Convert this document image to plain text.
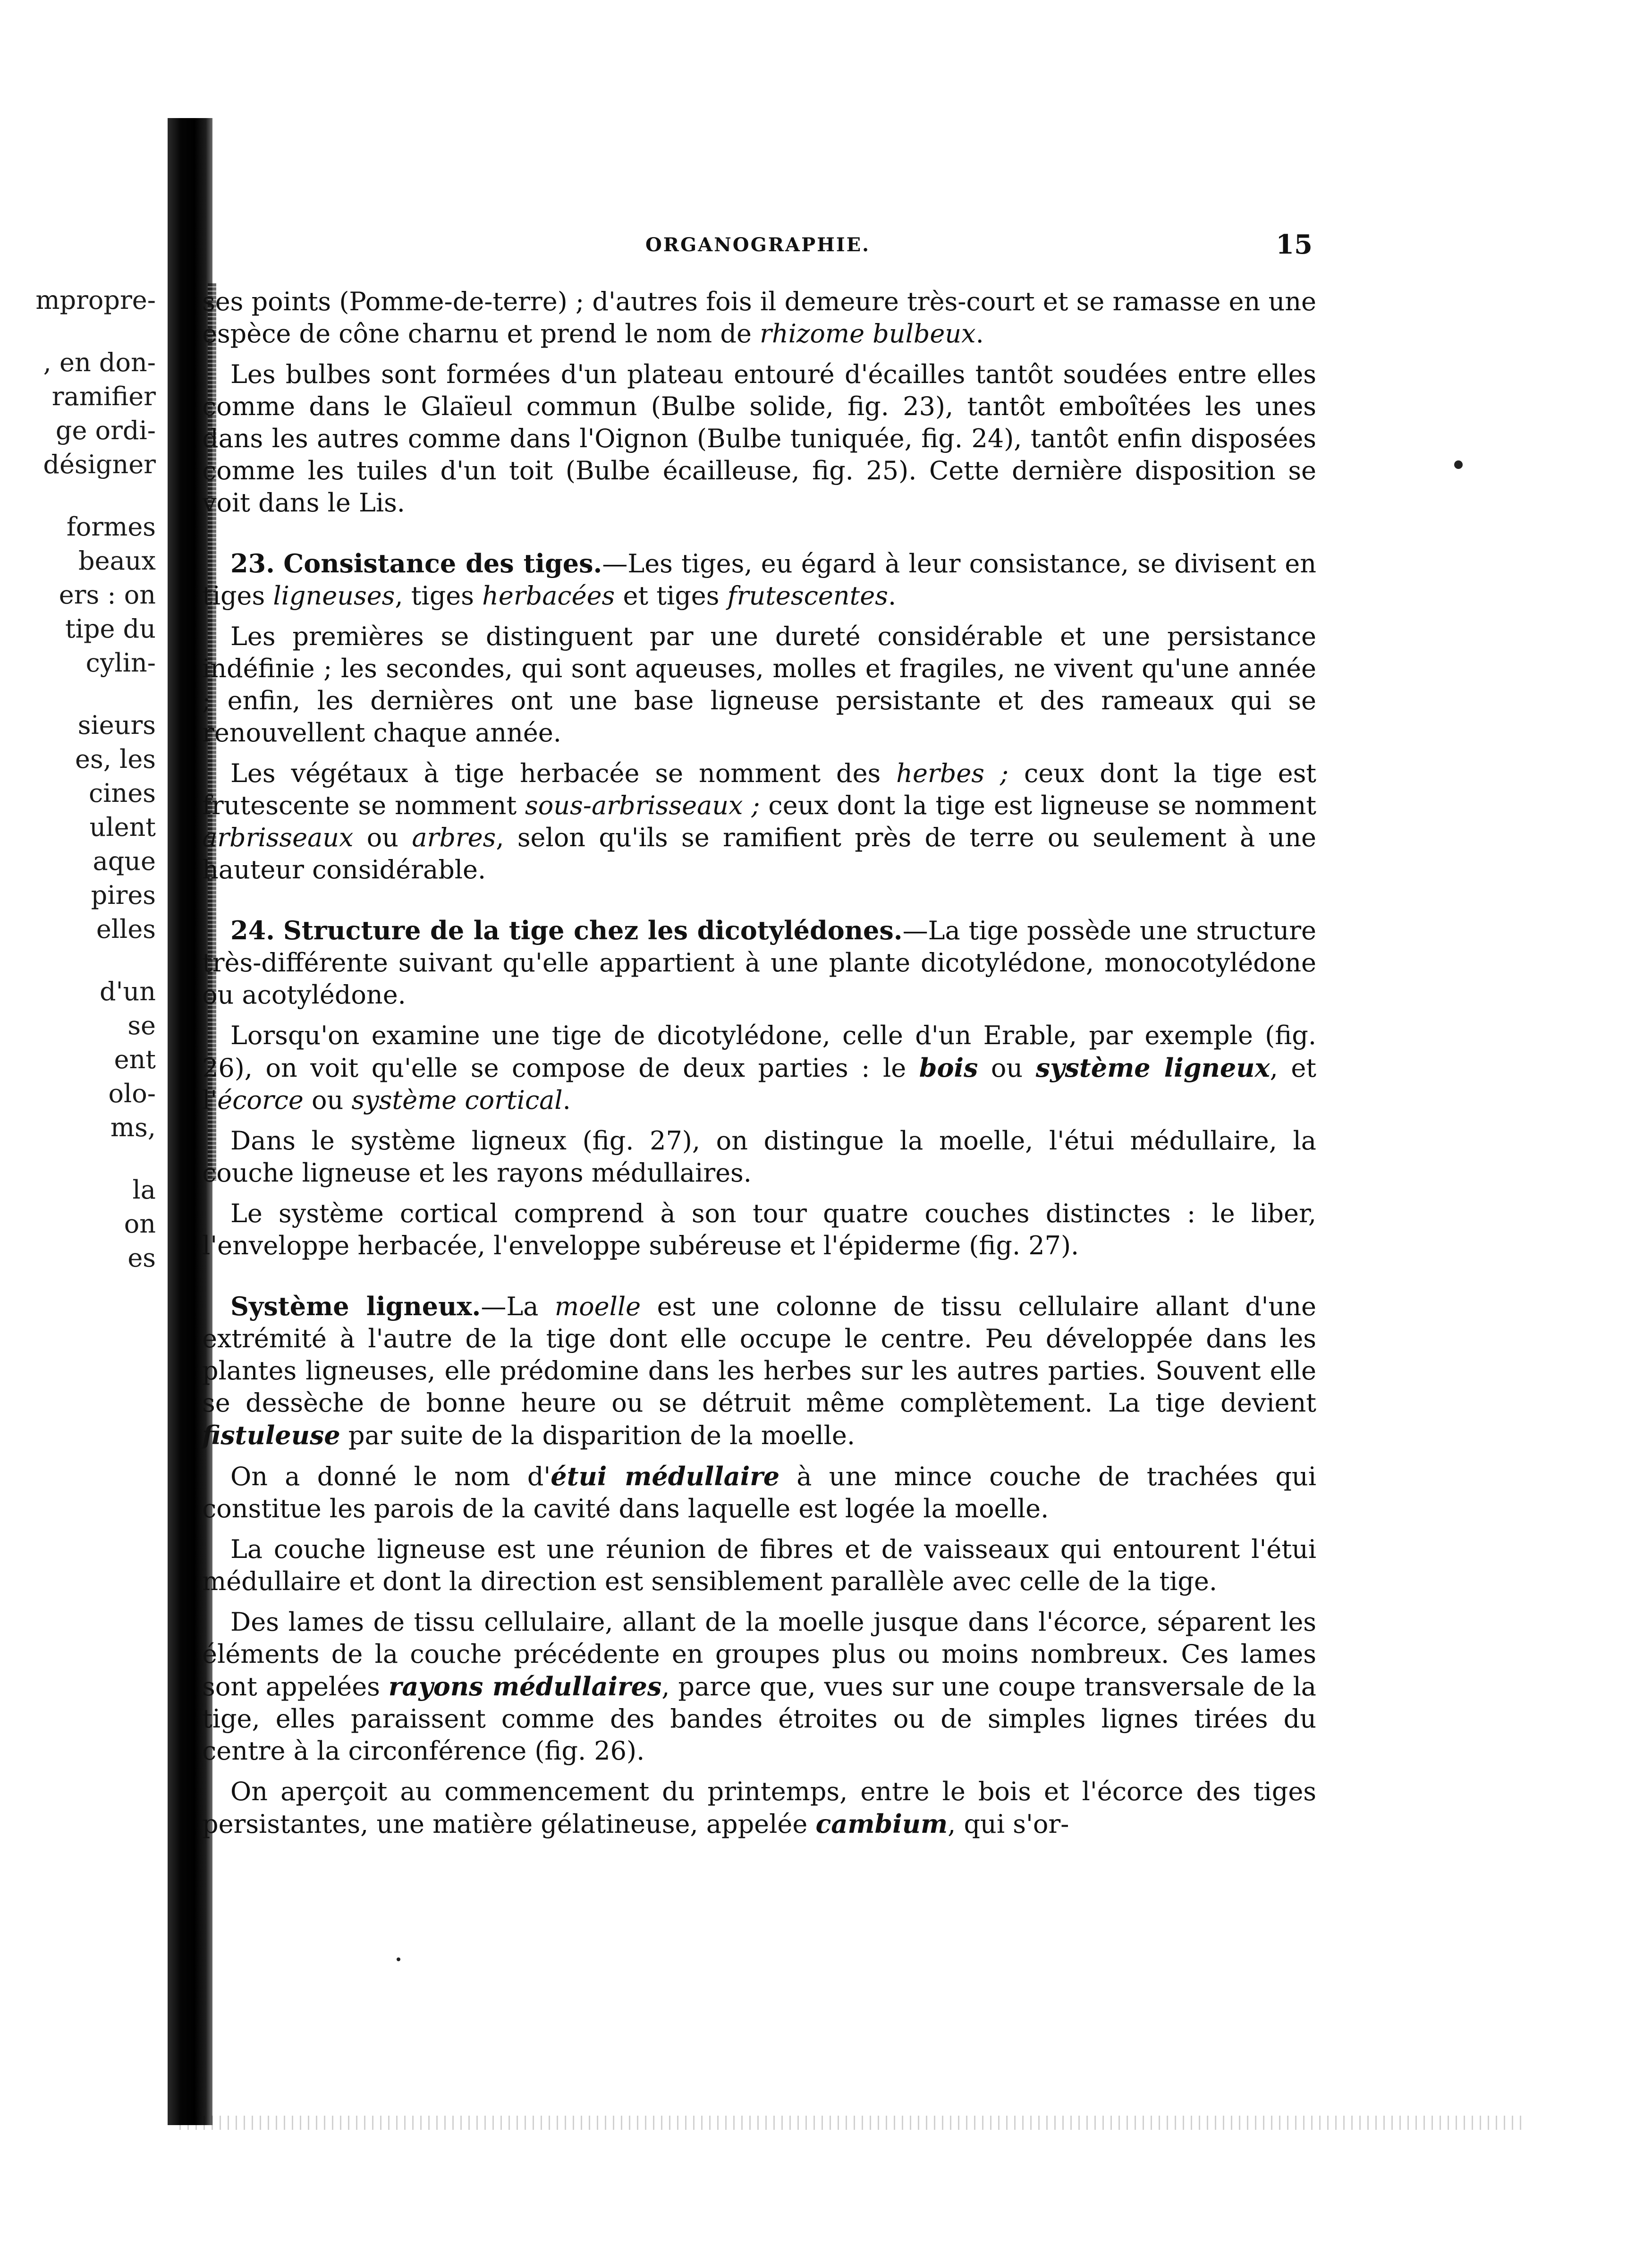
mpropre-
, en don-
ramifier
ge ordi-
désigner
formes
beaux
ers : on
tipe du
cylin-
sieurs
es, les
cines
ulent
aque
pires
elles
d'un
se
ent
olo-
ms,
la
on
es
ORGANOGRAPHIE.	15

ses points (Pomme-de-terre) ; d'autres fois il demeure très-court et se ramasse en une espèce de cône charnu et prend le nom de rhizome bulbeux.

Les bulbes sont formées d'un plateau entouré d'écailles tantôt soudées entre elles comme dans le Glaïeul commun (Bulbe solide, fig. 23), tantôt emboîtées les unes dans les autres comme dans l'Oignon (Bulbe tuniquée, fig. 24), tantôt enfin disposées comme les tuiles d'un toit (Bulbe écailleuse, fig. 25). Cette dernière disposition se voit dans le Lis.

23. Consistance des tiges.—Les tiges, eu égard à leur consistance, se divisent en tiges ligneuses, tiges herbacées et tiges frutescentes.

Les premières se distinguent par une dureté considérable et une persistance indéfinie ; les secondes, qui sont aqueuses, molles et fragiles, ne vivent qu'une année ; enfin, les dernières ont une base ligneuse persistante et des rameaux qui se renouvellent chaque année.

Les végétaux à tige herbacée se nomment des herbes ; ceux dont la tige est frutescente se nomment sous-arbrisseaux ; ceux dont la tige est ligneuse se nomment arbrisseaux ou arbres, selon qu'ils se ramifient près de terre ou seulement à une hauteur considérable.

24. Structure de la tige chez les dicotylédones.—La tige possède une structure très-différente suivant qu'elle appartient à une plante dicotylédone, monocotylédone ou acotylédone.

Lorsqu'on examine une tige de dicotylédone, celle d'un Erable, par exemple (fig. 26), on voit qu'elle se compose de deux parties : le bois ou système ligneux, et l'écorce ou système cortical.

Dans le système ligneux (fig. 27), on distingue la moelle, l'étui médullaire, la couche ligneuse et les rayons médullaires.

Le système cortical comprend à son tour quatre couches distinctes : le liber, l'enveloppe herbacée, l'enveloppe subéreuse et l'épiderme (fig. 27).

Système ligneux.—La moelle est une colonne de tissu cellulaire allant d'une extrémité à l'autre de la tige dont elle occupe le centre. Peu développée dans les plantes ligneuses, elle prédomine dans les herbes sur les autres parties. Souvent elle se dessèche de bonne heure ou se détruit même complètement. La tige devient fistuleuse par suite de la disparition de la moelle.

On a donné le nom d'étui médullaire à une mince couche de trachées qui constitue les parois de la cavité dans laquelle est logée la moelle.

La couche ligneuse est une réunion de fibres et de vaisseaux qui entourent l'étui médullaire et dont la direction est sensiblement parallèle avec celle de la tige.

Des lames de tissu cellulaire, allant de la moelle jusque dans l'écorce, séparent les éléments de la couche précédente en groupes plus ou moins nombreux. Ces lames sont appelées rayons médullaires, parce que, vues sur une coupe transversale de la tige, elles paraissent comme des bandes étroites ou de simples lignes tirées du centre à la circonférence (fig. 26).

On aperçoit au commencement du printemps, entre le bois et l'écorce des tiges persistantes, une matière gélatineuse, appelée cambium, qui s'or-
